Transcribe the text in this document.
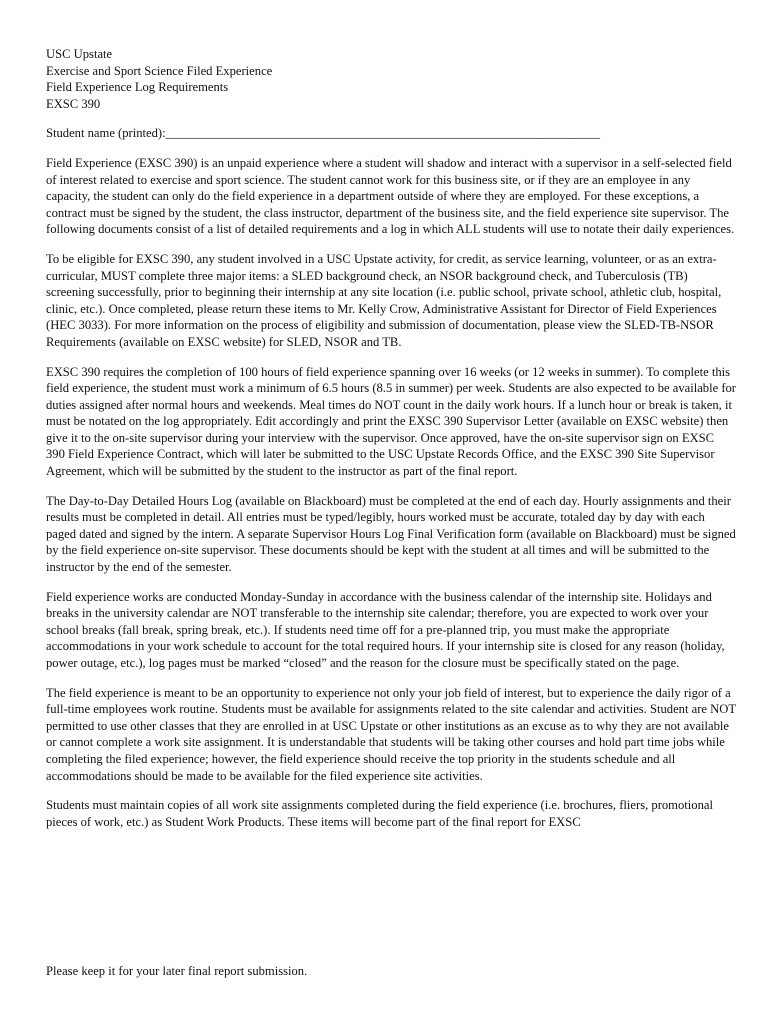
USC Upstate
Exercise and Sport Science Filed Experience
Field Experience Log Requirements
EXSC 390
Student name (printed):_____________________________________________________________________

Field Experience (EXSC 390) is an unpaid experience where a student will shadow and interact with a supervisor in a self-selected field of interest related to exercise and sport science. The student cannot work for this business site, or if they are an employee in any capacity, the student can only do the field experience in a department outside of where they are employed. For these exceptions, a contract must be signed by the student, the class instructor, department of the business site, and the field experience site supervisor. The following documents consist of a list of detailed requirements and a log in which ALL students will use to notate their daily experiences.

To be eligible for EXSC 390, any student involved in a USC Upstate activity, for credit, as service learning, volunteer, or as an extra-curricular, MUST complete three major items: a SLED background check, an NSOR background check, and Tuberculosis (TB) screening successfully, prior to beginning their internship at any site location (i.e. public school, private school, athletic club, hospital, clinic, etc.). Once completed, please return these items to Mr. Kelly Crow, Administrative Assistant for Director of Field Experiences (HEC 3033). For more information on the process of eligibility and submission of documentation, please view the SLED-TB-NSOR Requirements (available on EXSC website) for SLED, NSOR and TB.

EXSC 390 requires the completion of 100 hours of field experience spanning over 16 weeks (or 12 weeks in summer). To complete this field experience, the student must work a minimum of 6.5 hours (8.5 in summer) per week. Students are also expected to be available for duties assigned after normal hours and weekends. Meal times do NOT count in the daily work hours. If a lunch hour or break is taken, it must be notated on the log appropriately. Edit accordingly and print the EXSC 390 Supervisor Letter (available on EXSC website) then give it to the on-site supervisor during your interview with the supervisor. Once approved, have the on-site supervisor sign on EXSC 390 Field Experience Contract, which will later be submitted to the USC Upstate Records Office, and the EXSC 390 Site Supervisor Agreement, which will be submitted by the student to the instructor as part of the final report.

The Day-to-Day Detailed Hours Log (available on Blackboard) must be completed at the end of each day. Hourly assignments and their results must be completed in detail. All entries must be typed/legibly, hours worked must be accurate, totaled day by day with each paged dated and signed by the intern. A separate Supervisor Hours Log Final Verification form (available on Blackboard) must be signed by the field experience on-site supervisor. These documents should be kept with the student at all times and will be submitted to the instructor by the end of the semester.

Field experience works are conducted Monday-Sunday in accordance with the business calendar of the internship site. Holidays and breaks in the university calendar are NOT transferable to the internship site calendar; therefore, you are expected to work over your school breaks (fall break, spring break, etc.). If students need time off for a pre-planned trip, you must make the appropriate accommodations in your work schedule to account for the total required hours. If your internship site is closed for any reason (holiday, power outage, etc.), log pages must be marked “closed” and the reason for the closure must be specifically stated on the page.

The field experience is meant to be an opportunity to experience not only your job field of interest, but to experience the daily rigor of a full-time employees work routine. Students must be available for assignments related to the site calendar and activities. Student are NOT permitted to use other classes that they are enrolled in at USC Upstate or other institutions as an excuse as to why they are not available or cannot complete a work site assignment. It is understandable that students will be taking other courses and hold part time jobs while completing the filed experience; however, the field experience should receive the top priority in the students schedule and all accommodations should be made to be available for the filed experience site activities.

Students must maintain copies of all work site assignments completed during the field experience (i.e. brochures, fliers, promotional pieces of work, etc.) as Student Work Products. These items will become part of the final report for EXSC

Please keep it for your later final report submission.
